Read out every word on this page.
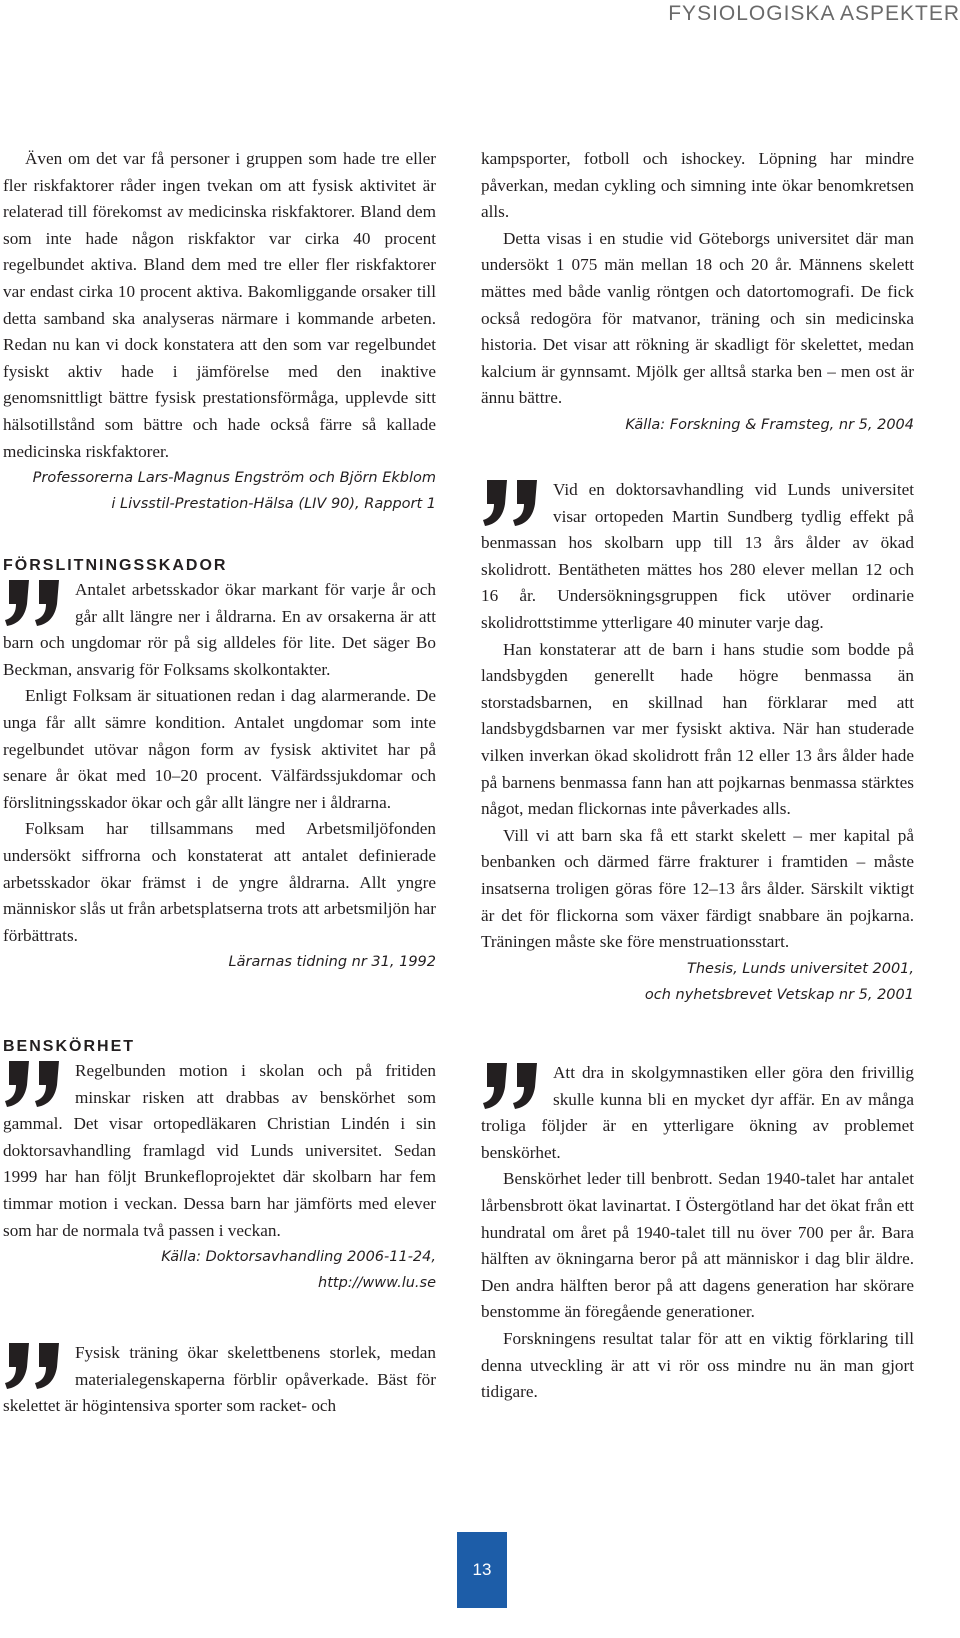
FYSIOLOGISKA ASPEKTER

Även om det var få personer i gruppen som hade tre eller fler riskfaktorer råder ingen tvekan om att fysisk aktivitet är relaterad till förekomst av medicinska riskfaktorer. Bland dem som inte hade någon riskfaktor var cirka 40 procent regelbundet aktiva. Bland dem med tre eller fler riskfaktorer var endast cirka 10 procent aktiva. Bakomliggande orsaker till detta samband ska analyseras närmare i kommande arbeten. Redan nu kan vi dock konstatera att den som var regelbundet fysiskt aktiv hade i jämförelse med den inaktive genomsnittligt bättre fysisk prestationsförmåga, upplevde sitt hälsotillstånd som bättre och hade också färre så kallade medicinska riskfaktorer.

Professorerna Lars-Magnus Engström och Björn Ekblom
i Livsstil-Prestation-Hälsa (LIV 90), Rapport 1
FÖRSLITNINGSSKADOR

Antalet arbetsskador ökar markant för varje år och går allt längre ner i åldrarna. En av orsakerna är att barn och ungdomar rör på sig alldeles för lite. Det säger Bo Beckman, ansvarig för Folksams skolkontakter.

Enligt Folksam är situationen redan i dag alarmerande. De unga får allt sämre kondition. Antalet ungdomar som inte regelbundet utövar någon form av fysisk aktivitet har på senare år ökat med 10–20 procent. Välfärdssjukdomar och förslitningsskador ökar och går allt längre ner i åldrarna.

Folksam har tillsammans med Arbetsmiljöfonden undersökt siffrorna och konstaterat att antalet definierade arbetsskador ökar främst i de yngre åldrarna. Allt yngre människor slås ut från arbetsplatserna trots att arbetsmiljön har förbättrats.

Lärarnas tidning nr 31, 1992
BENSKÖRHET

Regelbunden motion i skolan och på fritiden minskar risken att drabbas av benskörhet som gammal. Det visar ortopedläkaren Christian Lindén i sin doktorsavhandling framlagd vid Lunds universitet. Sedan 1999 har han följt Brunkefloprojektet där skolbarn har fem timmar motion i veckan. Dessa barn har jämförts med elever som har de normala två passen i veckan.

Källa: Doktorsavhandling 2006-11-24,
http://www.lu.se

Fysisk träning ökar skelettbenens storlek, medan materialegenskaperna förblir opåverkade. Bäst för skelettet är högintensiva sporter som racket- och

kampsporter, fotboll och ishockey. Löpning har mindre påverkan, medan cykling och simning inte ökar benomkretsen alls.

Detta visas i en studie vid Göteborgs universitet där man undersökt 1 075 män mellan 18 och 20 år. Männens skelett mättes med både vanlig röntgen och datortomografi. De fick också redogöra för matvanor, träning och sin medicinska historia. Det visar att rökning är skadligt för skelettet, medan kalcium är gynnsamt. Mjölk ger alltså starka ben – men ost är ännu bättre.

Källa: Forskning & Framsteg, nr 5, 2004

Vid en doktorsavhandling vid Lunds universitet visar ortopeden Martin Sundberg tydlig effekt på benmassan hos skolbarn upp till 13 års ålder av ökad skolidrott. Bentätheten mättes hos 280 elever mellan 12 och 16 år. Undersökningsgruppen fick utöver ordinarie skolidrottstimme ytterligare 40 minuter varje dag.

Han konstaterar att de barn i hans studie som bodde på landsbygden generellt hade högre benmassa än storstadsbarnen, en skillnad han förklarar med att landsbygdsbarnen var mer fysiskt aktiva. När han studerade vilken inverkan ökad skolidrott från 12 eller 13 års ålder hade på barnens benmassa fann han att pojkarnas benmassa stärktes något, medan flickornas inte påverkades alls.

Vill vi att barn ska få ett starkt skelett – mer kapital på benbanken och därmed färre frakturer i framtiden – måste insatserna troligen göras före 12–13 års ålder. Särskilt viktigt är det för flickorna som växer färdigt snabbare än pojkarna. Träningen måste ske före menstruationsstart.

Thesis, Lunds universitet 2001,
och nyhetsbrevet Vetskap nr 5, 2001

Att dra in skolgymnastiken eller göra den frivillig skulle kunna bli en mycket dyr affär. En av många troliga följder är en ytterligare ökning av problemet benskörhet.

Benskörhet leder till benbrott. Sedan 1940-talet har antalet lårbensbrott ökat lavinartat. I Östergötland har det ökat från ett hundratal om året på 1940-talet till nu över 700 per år. Bara hälften av ökningarna beror på att människor i dag blir äldre. Den andra hälften beror på att dagens generation har skörare benstomme än föregående generationer.

Forskningens resultat talar för att en viktig förklaring till denna utveckling är att vi rör oss mindre nu än man gjort tidigare.

13
